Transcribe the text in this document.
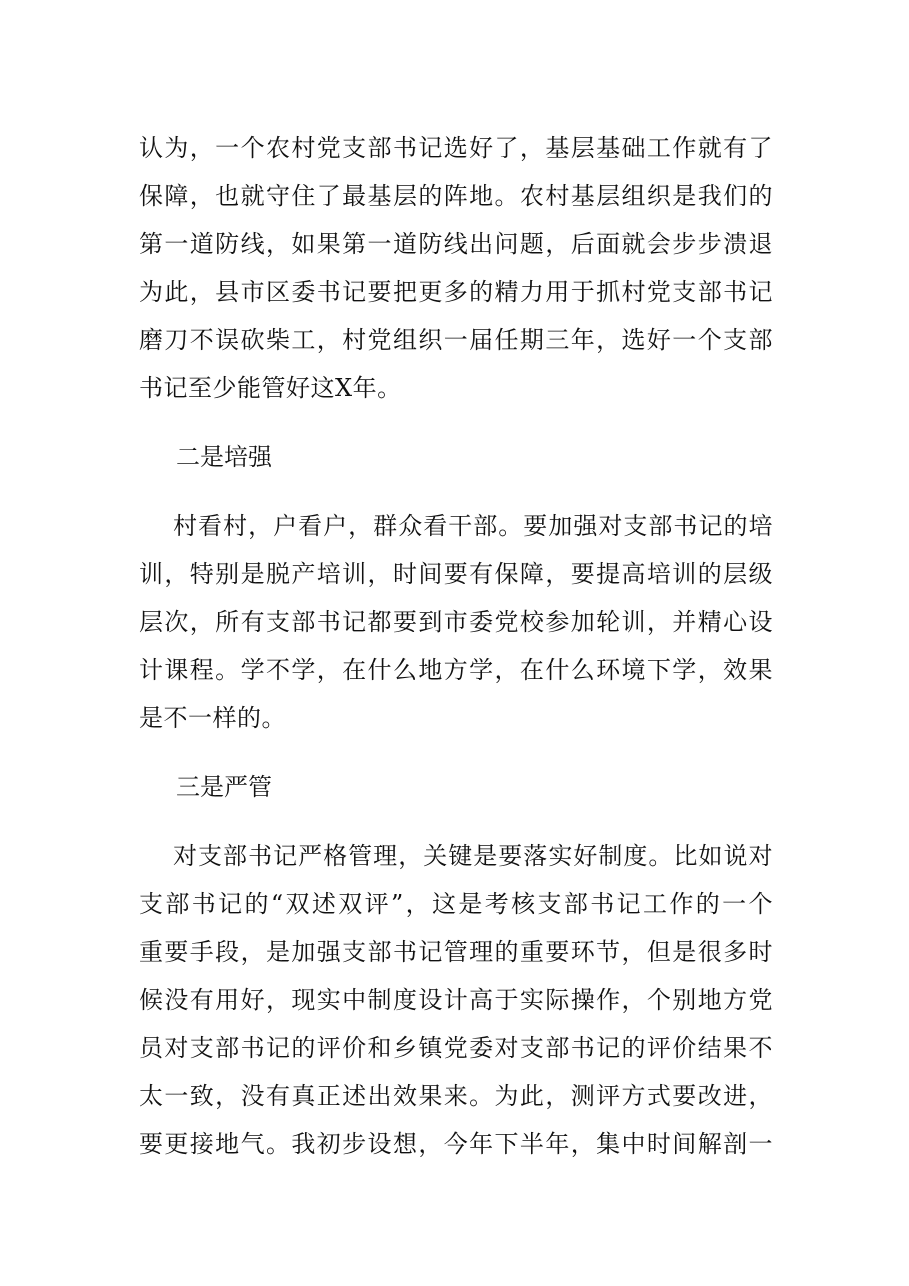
认为，一个农村党支部书记选好了，基层基础工作就有了
保障，也就守住了最基层的阵地。农村基层组织是我们的
第一道防线，如果第一道防线出问题，后面就会步步溃退
为此，县市区委书记要把更多的精力用于抓村党支部书记
磨刀不误砍柴工，村党组织一届任期三年，选好一个支部
书记至少能管好这X年。
二是培强
村看村，户看户，群众看干部。要加强对支部书记的培
训，特别是脱产培训，时间要有保障，要提高培训的层级
层次，所有支部书记都要到市委党校参加轮训，并精心设
计课程。学不学，在什么地方学，在什么环境下学，效果
是不一样的。
三是严管
对支部书记严格管理，关键是要落实好制度。比如说对
支部书记的“双述双评”，这是考核支部书记工作的一个
重要手段，是加强支部书记管理的重要环节，但是很多时
候没有用好，现实中制度设计高于实际操作，个别地方党
员对支部书记的评价和乡镇党委对支部书记的评价结果不
太一致，没有真正述出效果来。为此，测评方式要改进，
要更接地气。我初步设想，今年下半年，集中时间解剖一
